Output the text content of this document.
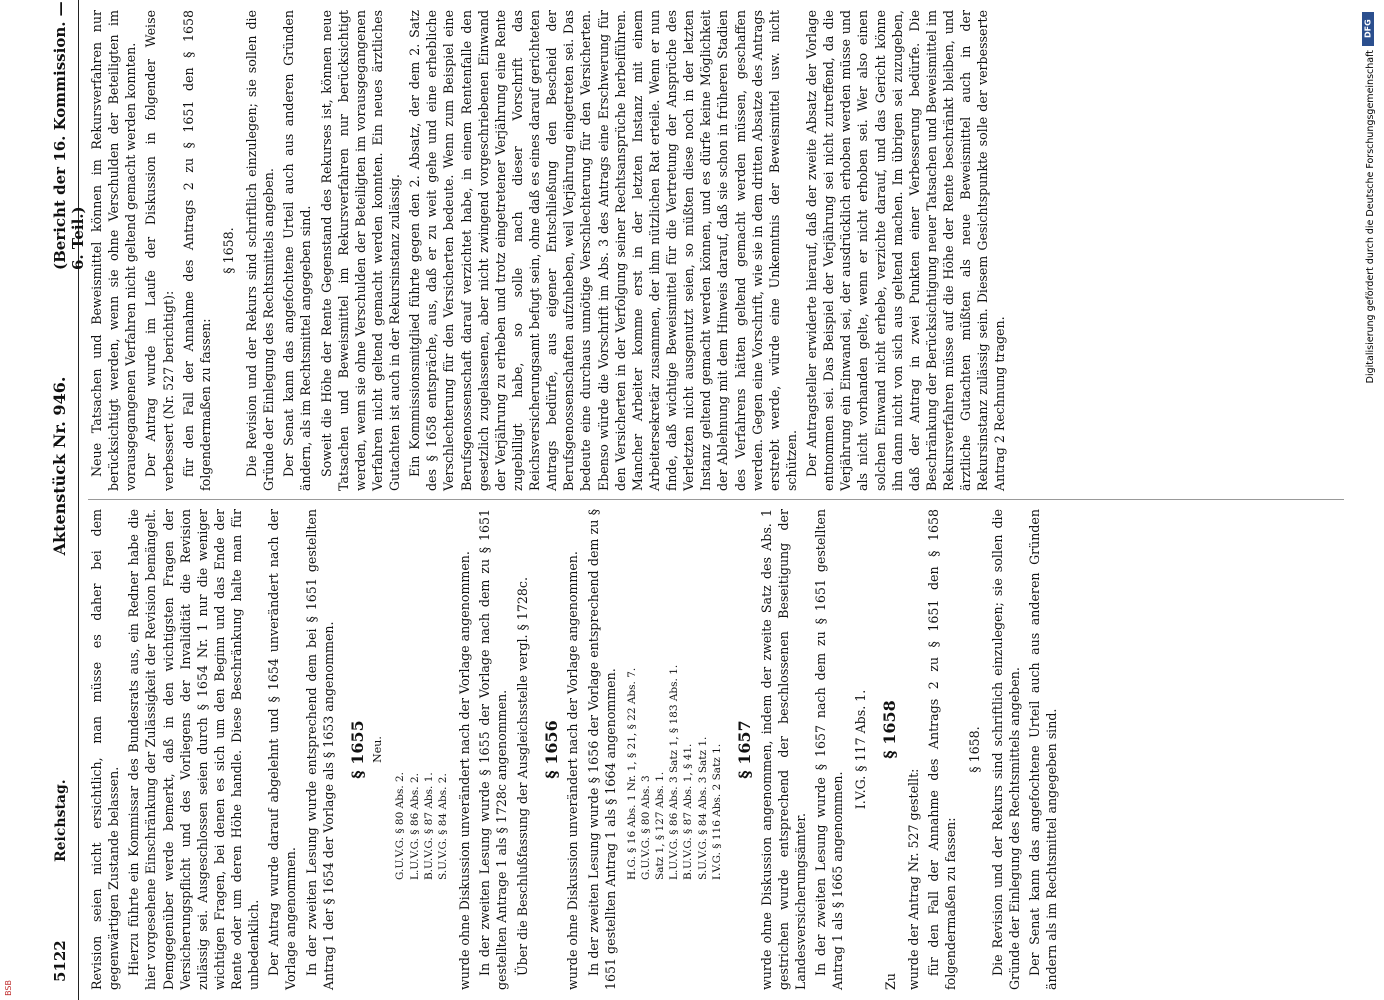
5122
Reichstag.
Aktenstück Nr. 946.
(Bericht der 16. Kommission. — 6. Teil.)

Revision seien nicht ersichtlich, man müsse es daher bei dem gegenwärtigen Zustande belassen. Hierzu führte ein Kommissar des Bundesrats aus, ein Redner habe die hier vorgesehene Einschränkung der Zulässigkeit der Revision bemängelt. Demgegenüber werde bemerkt, daß in den wichtigsten Fragen der Versicherungspflicht und des Vorliegens der Invalidität die Revision zulässig sei. Ausgeschlossen seien durch § 1654 Nr. 1 nur die weniger wichtigen Fragen, bei denen es sich um den Beginn und das Ende der Rente oder um deren Höhe handle. Diese Beschränkung halte man für unbedenklich. Der Antrag wurde darauf abgelehnt und § 1654 unverändert nach der Vorlage angenommen. In der zweiten Lesung wurde entsprechend dem bei § 1651 gestellten Antrag 1 der § 1654 der Vorlage als § 1653 angenommen. § 1655 Neu.
G.U.V.G. § 80 Abs. 2. L.U.V.G. § 86 Abs. 2. B.U.V.G. § 87 Abs. 1. S.U.V.G. § 84 Abs. 2. wurde ohne Diskussion unverändert nach der Vorlage angenommen. In der zweiten Lesung wurde § 1655 der Vorlage nach dem zu § 1651 gestellten Antrage 1 als § 1728c angenommen. Über die Beschlußfassung der Ausgleichsstelle vergl. § 1728c. § 1656 wurde ohne Diskussion unverändert nach der Vorlage angenommen. In der zweiten Lesung wurde § 1656 der Vorlage entsprechend dem zu § 1651 gestellten Antrag 1 als § 1664 angenommen. H.G. § 16 Abs. 1 Nr. 1, § 21, § 22 Abs. 7. G.U.V.G. § 80 Abs. 3 Satz 1, § 127 Abs. 1. L.U.V.G. § 86 Abs. 3 Satz 1, § 183 Abs. 1. B.U.V.G. § 87 Abs. 1, § 41. S.U.V.G. § 84 Abs. 3 Satz 1. I.V.G. § 116 Abs. 2 Satz 1. § 1657 wurde ohne Diskussion angenommen, indem der zweite Satz des Abs. 1 gestrichen wurde entsprechend der beschlossenen Beseitigung der Landesversicherungsämter. In der zweiten Lesung wurde § 1657 nach dem zu § 1651 gestellten Antrag 1 als § 1665 angenommen.

I.V.G. § 117 Abs. 1.
Zu
§ 1658

wurde der Antrag Nr. 527 gestellt: für den Fall der Annahme des Antrags 2 zu § 1651 den § 1658 folgendermaßen zu fassen:

§ 1658. Die Revision und der Rekurs sind schriftlich einzulegen; sie sollen die Gründe der Einlegung des Rechtsmittels angeben. Der Senat kann das angefochtene Urteil auch aus anderen Gründen ändern als im Rechtsmittel angegeben sind.

Neue Tatsachen und Beweismittel können im Rekursverfahren nur berücksichtigt werden, wenn sie ohne Verschulden der Beteiligten im vorausgegangenen Verfahren nicht geltend gemacht werden konnten. Der Antrag wurde im Laufe der Diskussion in folgender Weise verbessert (Nr. 527 berichtigt): für den Fall der Annahme des Antrags 2 zu § 1651 den § 1658 folgendermaßen zu fassen:

§ 1658. Die Revision und der Rekurs sind schriftlich einzulegen; sie sollen die Gründe der Einlegung des Rechtsmittels angeben. Der Senat kann das angefochtene Urteil auch aus anderen Gründen ändern, als im Rechtsmittel angegeben sind. Soweit die Höhe der Rente Gegenstand des Rekurses ist, können neue Tatsachen und Beweismittel im Rekursverfahren nur berücksichtigt werden, wenn sie ohne Verschulden der Beteiligten im vorausgegangenen Verfahren nicht geltend gemacht werden konnten. Ein neues ärztliches Gutachten ist auch in der Rekursinstanz zulässig. Ein Kommissionsmitglied führte gegen den 2. Absatz, der dem 2. Satz des § 1658 entspräche, aus, daß er zu weit gehe und eine erhebliche Verschlechterung für den Versicherten bedeute. Wenn zum Beispiel eine Berufsgenossenschaft darauf verzichtet habe, in einem Rentenfalle den gesetzlich zugelassenen, aber nicht zwingend vorgeschriebenen Einwand der Verjährung zu erheben und trotz eingetretener Verjährung eine Rente zugebilligt habe, so solle nach dieser Vorschrift das Reichsversicherungsamt befugt sein, ohne daß es eines darauf gerichteten Antrags bedürfe, aus eigener Entschließung den Bescheid der Berufsgenossenschaften aufzuheben, weil Verjährung eingetreten sei. Das bedeute eine durchaus unnötige Verschlechterung für den Versicherten. Ebenso würde die Vorschrift im Abs. 3 des Antrags eine Erschwerung für den Versicherten in der Verfolgung seiner Rechtsansprüche herbeiführen. Mancher Arbeiter komme erst in der letzten Instanz mit einem Arbeitersekretär zusammen, der ihm nützlichen Rat erteile. Wenn er nun finde, daß wichtige Beweismittel für die Vertretung der Ansprüche des Verletzten nicht ausgenutzt seien, so müßten diese noch in der letzten Instanz geltend gemacht werden können, und es dürfe keine Möglichkeit der Ablehnung mit dem Hinweis darauf, daß sie schon in früheren Stadien des Verfahrens hätten geltend gemacht werden müssen, geschaffen werden. Gegen eine Vorschrift, wie sie in dem dritten Absatze des Antrags erstrebt werde, würde eine Unkenntnis der Beweismittel usw. nicht schützen. Der Antragsteller erwiderte hierauf, daß der zweite Absatz der Vorlage entnommen sei. Das Beispiel der Verjährung sei nicht zutreffend, da die Verjährung ein Einwand sei, der ausdrücklich erhoben werden müsse und als nicht vorhanden gelte, wenn er nicht erhoben sei. Wer also einen solchen Einwand nicht erhebe, verzichte darauf, und das Gericht könne ihn dann nicht von sich aus geltend machen. Im übrigen sei zuzugeben, daß der Antrag in zwei Punkten einer Verbesserung bedürfe. Die Beschränkung der Berücksichtigung neuer Tatsachen und Beweismittel im Rekursverfahren müsse auf die Höhe der Rente beschränkt bleiben, und ärztliche Gutachten müßten als neue Beweismittel auch in der Rekursinstanz zulässig sein. Diesem Gesichtspunkte solle der verbesserte Antrag 2 Rechnung tragen.

DFG
Digitalisierung gefördert durch die Deutsche Forschungsgemeinschaft
BSB
